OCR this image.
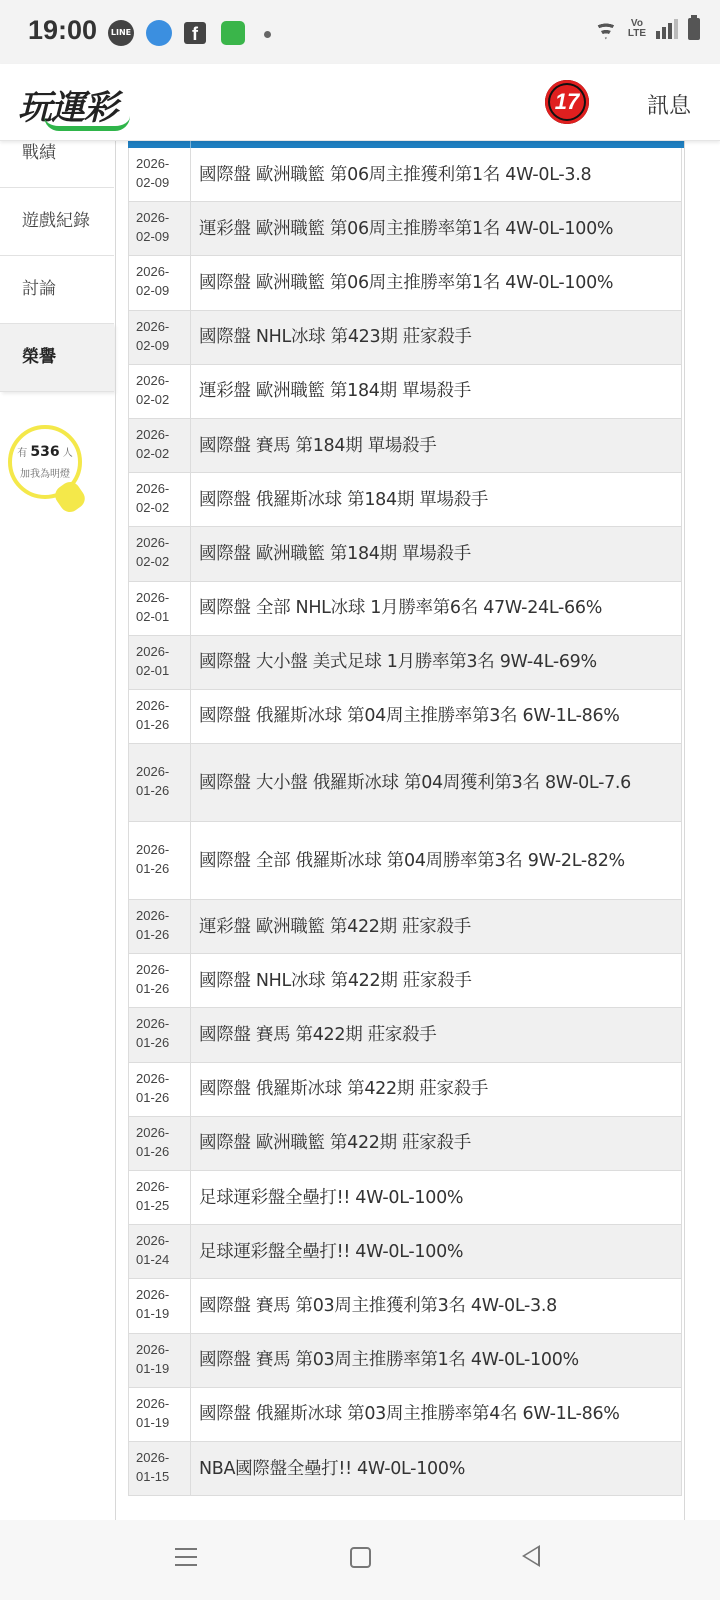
19:00	LINE	f
Vo
LTE
玩運彩	17	訊息
戰績
遊戲紀錄
討論
榮譽
有 536 人
加我為明燈
2026-
02-09	國際盤 歐洲職籃 第06周主推獲利第1名 4W-0L-3.8
2026-
02-09	運彩盤 歐洲職籃 第06周主推勝率第1名 4W-0L-100%
2026-
02-09	國際盤 歐洲職籃 第06周主推勝率第1名 4W-0L-100%
2026-
02-09	國際盤 NHL冰球 第423期 莊家殺手
2026-
02-02	運彩盤 歐洲職籃 第184期 單場殺手
2026-
02-02	國際盤 賽馬 第184期 單場殺手
2026-
02-02	國際盤 俄羅斯冰球 第184期 單場殺手
2026-
02-02	國際盤 歐洲職籃 第184期 單場殺手
2026-
02-01	國際盤 全部 NHL冰球 1月勝率第6名 47W-24L-66%
2026-
02-01	國際盤 大小盤 美式足球 1月勝率第3名 9W-4L-69%
2026-
01-26	國際盤 俄羅斯冰球 第04周主推勝率第3名 6W-1L-86%
2026-
01-26	國際盤 大小盤 俄羅斯冰球 第04周獲利第3名 8W-0L-7.6
2026-
01-26	國際盤 全部 俄羅斯冰球 第04周勝率第3名 9W-2L-82%
2026-
01-26	運彩盤 歐洲職籃 第422期 莊家殺手
2026-
01-26	國際盤 NHL冰球 第422期 莊家殺手
2026-
01-26	國際盤 賽馬 第422期 莊家殺手
2026-
01-26	國際盤 俄羅斯冰球 第422期 莊家殺手
2026-
01-26	國際盤 歐洲職籃 第422期 莊家殺手
2026-
01-25	足球運彩盤全壘打!! 4W-0L-100%
2026-
01-24	足球運彩盤全壘打!! 4W-0L-100%
2026-
01-19	國際盤 賽馬 第03周主推獲利第3名 4W-0L-3.8
2026-
01-19	國際盤 賽馬 第03周主推勝率第1名 4W-0L-100%
2026-
01-19	國際盤 俄羅斯冰球 第03周主推勝率第4名 6W-1L-86%
2026-
01-15	NBA國際盤全壘打!! 4W-0L-100%
